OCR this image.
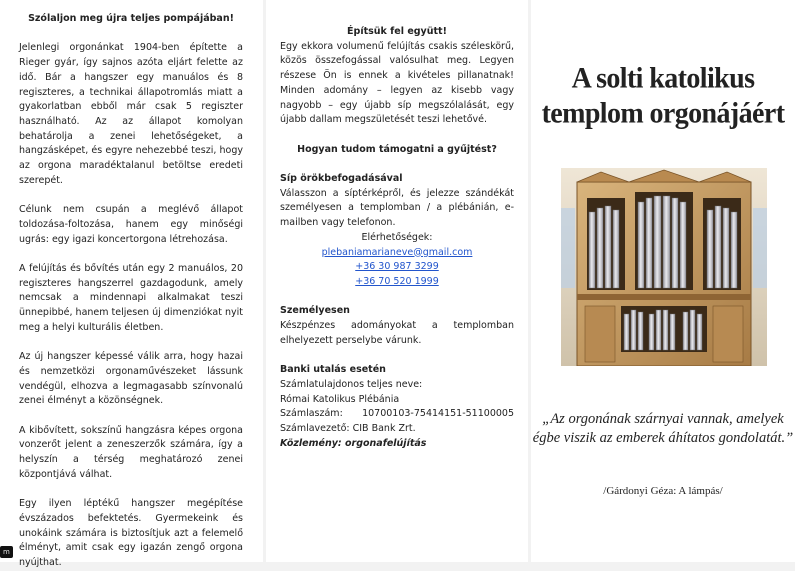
Szólaljon meg újra teljes pompájában!

Jelenlegi orgonánkat 1904-ben építette a Rieger gyár, így sajnos azóta eljárt felette az idő. Bár a hangszer egy manuálos és 8 regiszteres, a technikai állapotromlás miatt a gyakorlatban ebből már csak 5 regiszter használható. Az az állapot komolyan behatárolja a zenei lehetőségeket, a hangzásképet, és egyre nehezebbé teszi, hogy az orgona maradéktalanul betöltse eredeti szerepét.

Célunk nem csupán a meglévő állapot toldozása-foltozása, hanem egy minőségi ugrás: egy igazi koncertorgona létrehozása.

A felújítás és bővítés után egy 2 manuálos, 20 regiszteres hangszerrel gazdagodunk, amely nemcsak a mindennapi alkalmakat teszi ünnepibbé, hanem teljesen új dimenziókat nyit meg a helyi kulturális életben.

Az új hangszer képessé válik arra, hogy hazai és nemzetközi orgonaművészeket lássunk vendégül, elhozva a legmagasabb színvonalú zenei élményt a közönségnek.

A kibővített, sokszínű hangzásra képes orgona vonzerőt jelent a zeneszerzők számára, így a helyszín a térség meghatározó zenei központjává válhat.

Egy ilyen léptékű hangszer megépítése évszázados befektetés. Gyermekeink és unokáink számára is biztosítjuk azt a felemelő élményt, amit csak egy igazán zengő orgona nyújthat.

Építsük fel együtt!

Egy ekkora volumenű felújítás csakis széleskörű, közös összefogással valósulhat meg. Legyen részese Ön is ennek a kivételes pillanatnak! Minden adomány – legyen az kisebb vagy nagyobb – egy újabb síp megszólalását, egy újabb dallam megszületését teszi lehetővé.

Hogyan tudom támogatni a gyűjtést?

Síp örökbefogadásával

Válasszon a síptérképről, és jelezze szándékát személyesen a templomban / a plébánián, e-mailben vagy telefonon.

Elérhetőségek:

plebaniamarianeve@gmail.com
+36 30 987 3299
+36 70 520 1999

Személyesen

Készpénzes adományokat a templomban elhelyezett perselybe várunk.

Banki utalás esetén

Számlatulajdonos teljes neve:

Római Katolikus Plébánia

Számlaszám: 10700103-75414151-51100005

Számlavezető: CIB Bank Zrt.

Közlemény: orgonafelújítás

A solti katolikus
templom orgonájáért
„Az orgonának szárnyai vannak, amelyek égbe viszik az emberek áhítatos gondolatát.”
/Gárdonyi Géza: A lámpás/
m
